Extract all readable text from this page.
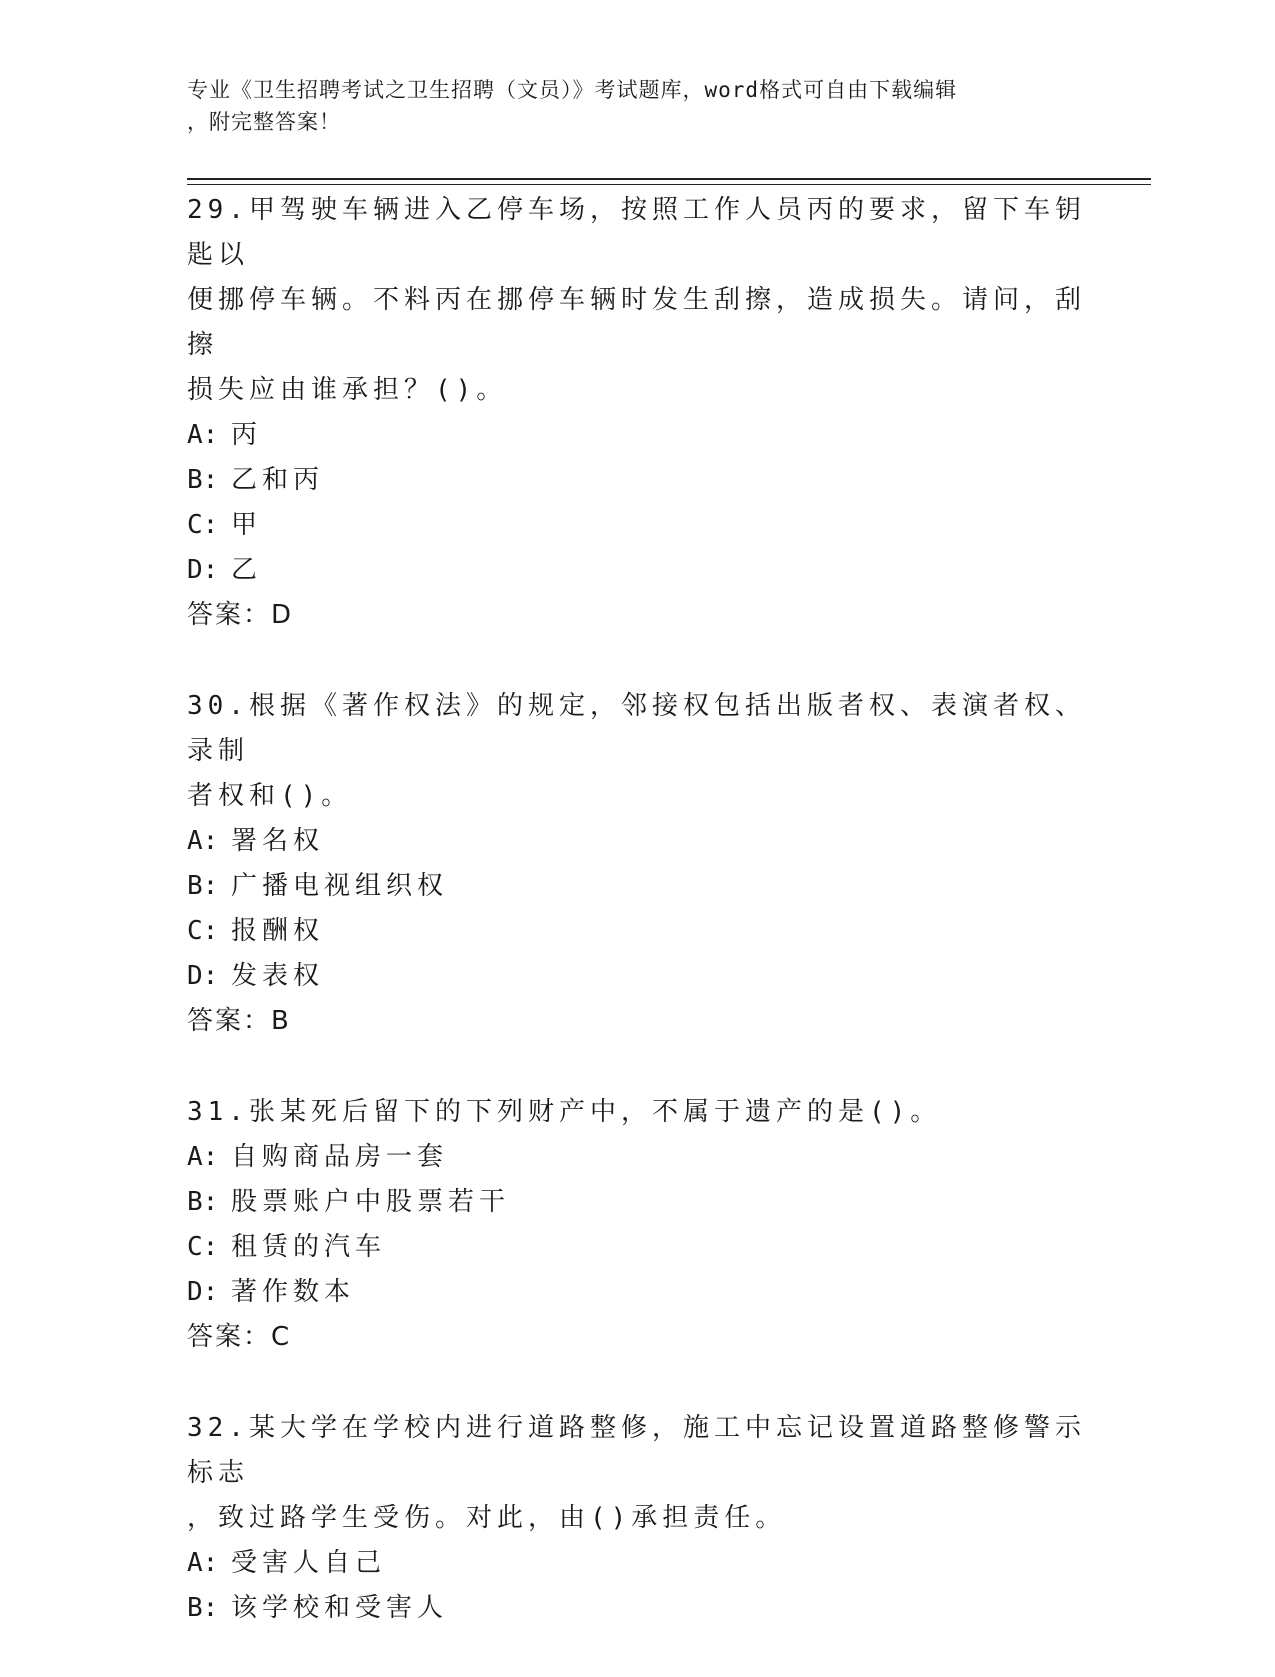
专业《卫生招聘考试之卫生招聘（文员）》考试题库，word格式可自由下载编辑
，附完整答案！
29.甲驾驶车辆进入乙停车场，按照工作人员丙的要求，留下车钥匙以
便挪停车辆。不料丙在挪停车辆时发生刮擦，造成损失。请问，刮擦
损失应由谁承担？()。
A: 丙
B: 乙和丙
C: 甲
D: 乙
答案：D
30.根据《著作权法》的规定，邻接权包括出版者权、表演者权、录制
者权和()。
A: 署名权
B: 广播电视组织权
C: 报酬权
D: 发表权
答案：B
31.张某死后留下的下列财产中，不属于遗产的是()。
A: 自购商品房一套
B: 股票账户中股票若干
C: 租赁的汽车
D: 著作数本
答案：C
32.某大学在学校内进行道路整修，施工中忘记设置道路整修警示标志
，致过路学生受伤。对此，由()承担责任。
A: 受害人自己
B: 该学校和受害人
